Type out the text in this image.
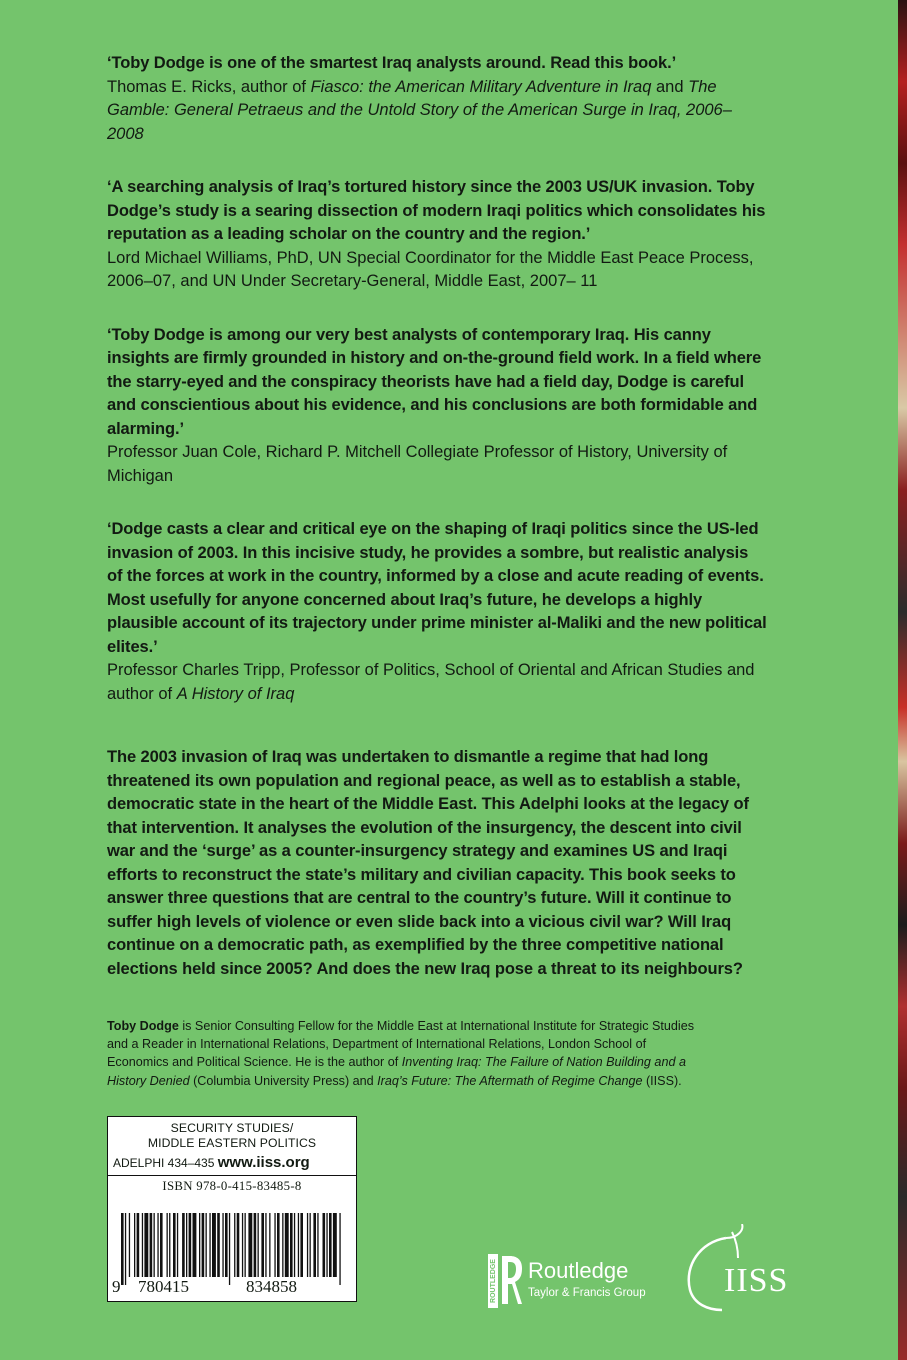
‘Toby Dodge is one of the smartest Iraq analysts around. Read this book.’
Thomas E. Ricks, author of Fiasco: the American Military Adventure in Iraq and The Gamble: General Petraeus and the Untold Story of the American Surge in Iraq, 2006–2008
‘A searching analysis of Iraq’s tortured history since the 2003 US/UK invasion. Toby Dodge’s study is a searing dissection of modern Iraqi politics which consolidates his reputation as a leading scholar on the country and the region.’
Lord Michael Williams, PhD, UN Special Coordinator for the Middle East Peace Process, 2006–07, and UN Under Secretary-General, Middle East, 2007– 11
‘Toby Dodge is among our very best analysts of contemporary Iraq. His canny insights are firmly grounded in history and on-the-ground field work. In a field where the starry-eyed and the conspiracy theorists have had a field day, Dodge is careful and conscientious about his evidence, and his conclusions are both formidable and alarming.’
Professor Juan Cole, Richard P. Mitchell Collegiate Professor of History, University of Michigan
‘Dodge casts a clear and critical eye on the shaping of Iraqi politics since the US-led invasion of 2003. In this incisive study, he provides a sombre, but realistic analysis of the forces at work in the country, informed by a close and acute reading of events. Most usefully for anyone concerned about Iraq’s future, he develops a highly plausible account of its trajectory under prime minister al-Maliki and the new political elites.’
Professor Charles Tripp, Professor of Politics, School of Oriental and African Studies and author of A History of Iraq
The 2003 invasion of Iraq was undertaken to dismantle a regime that had long threatened its own population and regional peace, as well as to establish a stable, democratic state in the heart of the Middle East. This Adelphi looks at the legacy of that intervention. It analyses the evolution of the insurgency, the descent into civil war and the ‘surge’ as a counter-insurgency strategy and examines US and Iraqi efforts to reconstruct the state’s military and civilian capacity. This book seeks to answer three questions that are central to the country’s future. Will it continue to suffer high levels of violence or even slide back into a vicious civil war? Will Iraq continue on a democratic path, as exemplified by the three competitive national elections held since 2005? And does the new Iraq pose a threat to its neighbours?
Toby Dodge is Senior Consulting Fellow for the Middle East at International Institute for Strategic Studies and a Reader in International Relations, Department of International Relations, London School of Economics and Political Science. He is the author of Inventing Iraq: The Failure of Nation Building and a History Denied (Columbia University Press) and Iraq’s Future: The Aftermath of Regime Change (IISS).
SECURITY STUDIES/
MIDDLE EASTERN POLITICS
ADELPHI 434–435 www.iiss.org
ISBN 978-0-415-83485-8
9 780415	834858	ROUTLEDGE Routledge
Taylor & Francis Group IISS
